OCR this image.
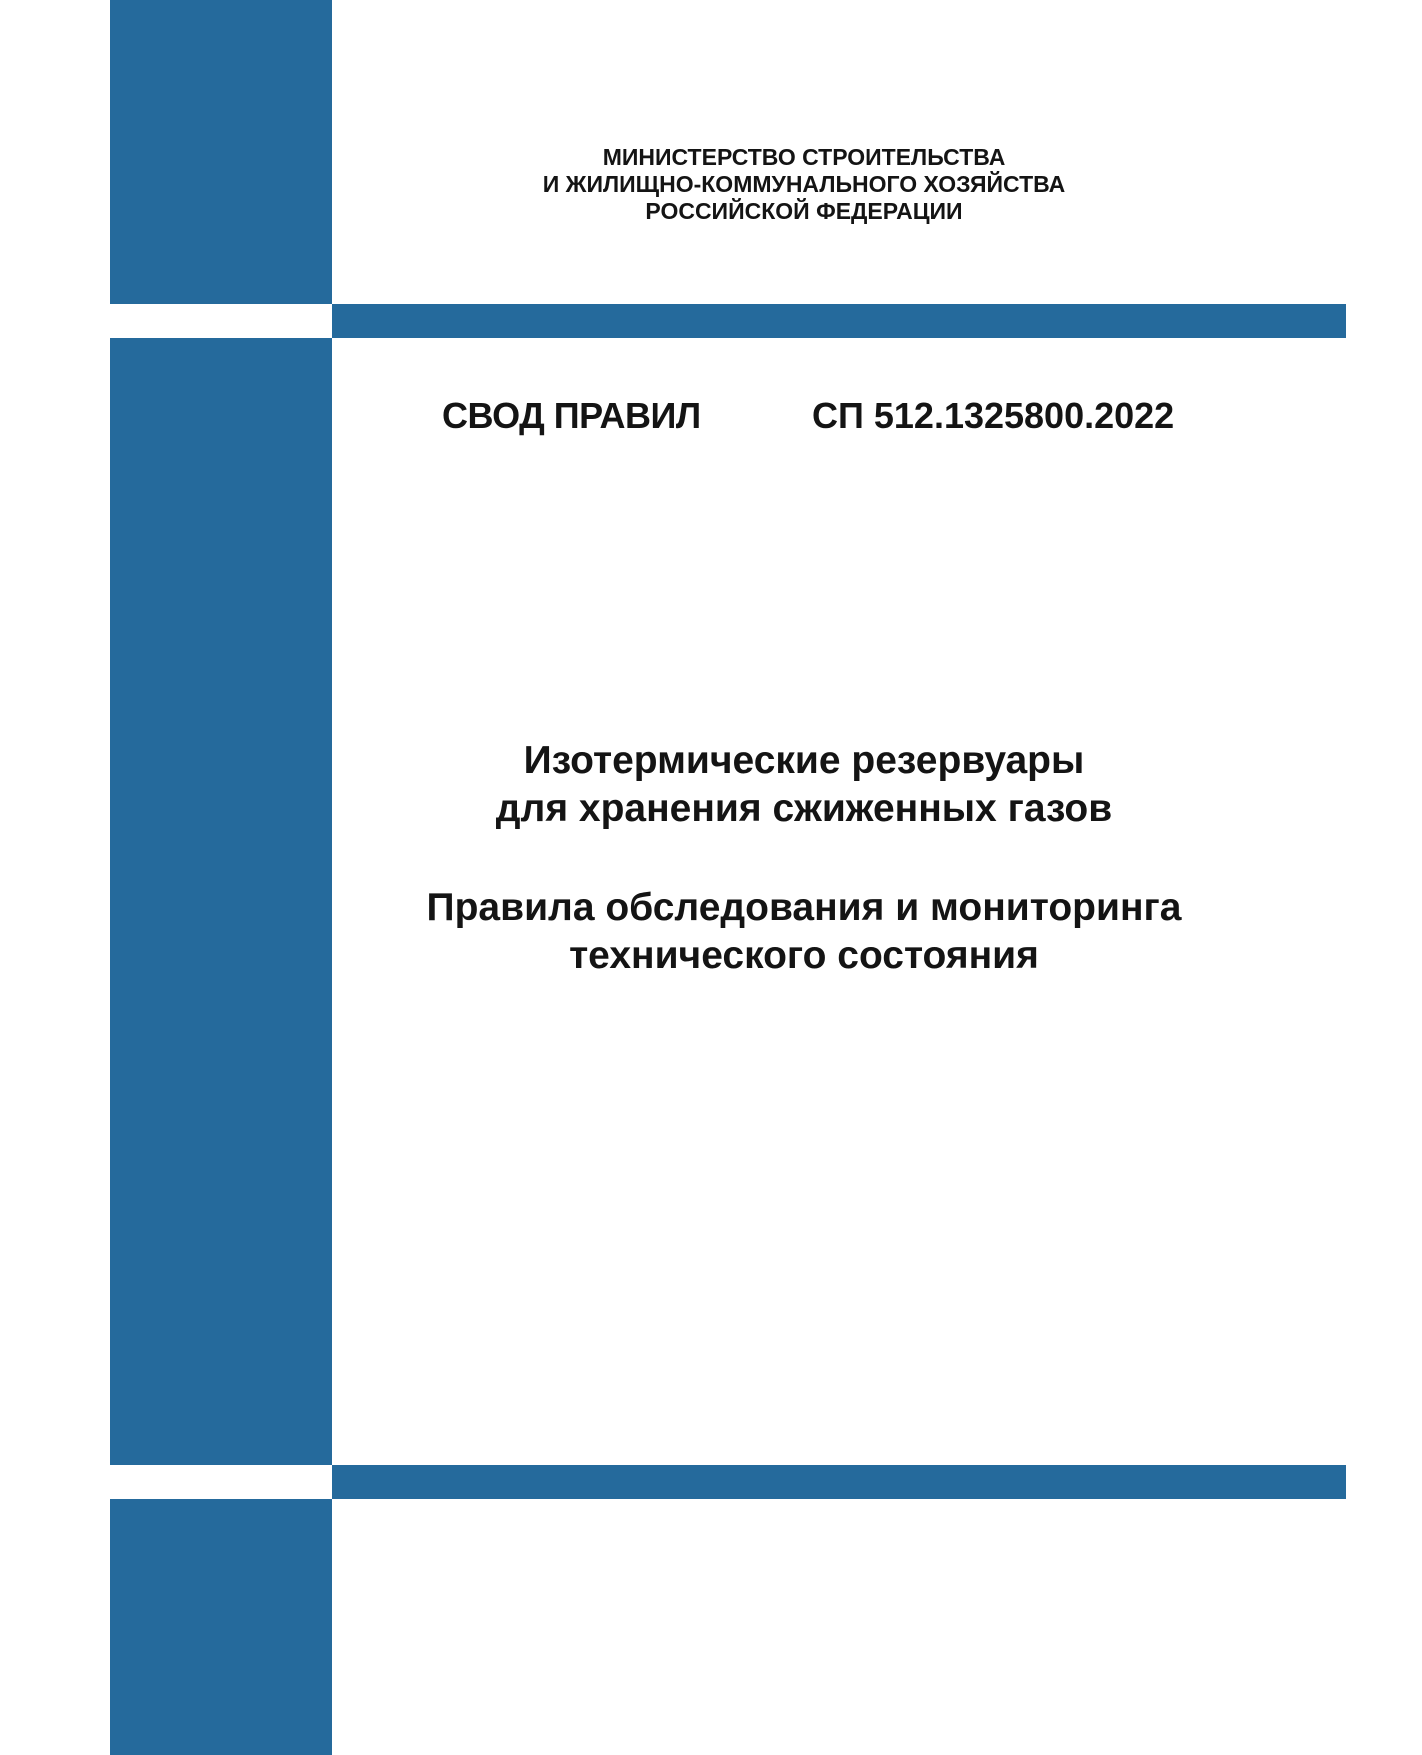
МИНИСТЕРСТВО СТРОИТЕЛЬСТВА
И ЖИЛИЩНО-КОММУНАЛЬНОГО ХОЗЯЙСТВА
РОССИЙСКОЙ ФЕДЕРАЦИИ
СВОД ПРАВИЛ	СП 512.1325800.2022
Изотермические резервуары
для хранения сжиженных газов
Правила обследования и мониторинга
технического состояния
